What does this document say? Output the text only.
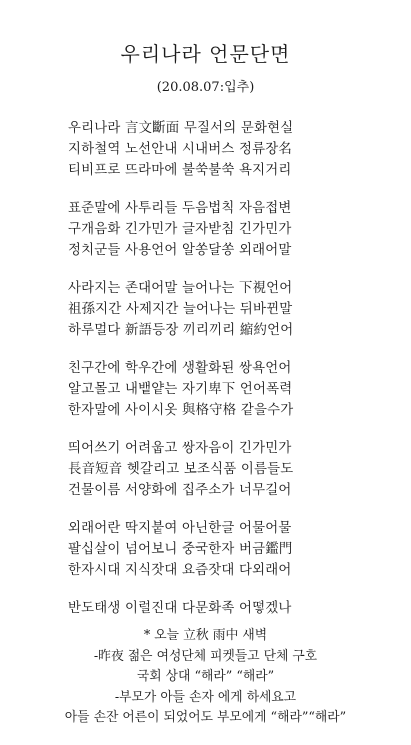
우리나라 언문단면
(20.08.07:입추)
우리나라 言文斷面 무질서의 문화현실
지하철역 노선안내 시내버스 정류장名
티비프로 뜨라마에 불쑥불쑥 욕지거리
표준말에 사투리들 두음법칙 자음접변
구개음화 긴가민가 글자받침 긴가민가
정치군들 사용언어 알쏭달쏭 외래어말
사라지는 존대어말 늘어나는 下視언어
祖孫지간 사제지간 늘어나는 뒤바뀐말
하루멀다 新語등장 끼리끼리 縮約언어
친구간에 학우간에 생활화된 쌍욕언어
알고몰고 내뱉얕는 자기卑下 언어폭력
한자말에 사이시옷 與格守格 같을수가
띄어쓰기 어려웁고 쌍자음이 긴가민가
長音短音 헷갈리고 보조식품 이름들도
건물이름 서양화에 집주소가 너무길어
외래어란 딱지붙여 아닌한글 어물어물
팔십살이 넘어보니 중국한자 버금鑑門
한자시대 지식잣대 요즘잣대 다외래어
반도태생 이럴진대 다문화족 어떻겠나
* 오늘 立秋 雨中 새벽
-昨夜 젊은 여성단체 피켓들고 단체 구호
국회 상대 “해라” “해라”
-부모가 아들 손자 에게 하세요고
아들 손잔 어른이 되었어도 부모에게 “해라”“해라”
